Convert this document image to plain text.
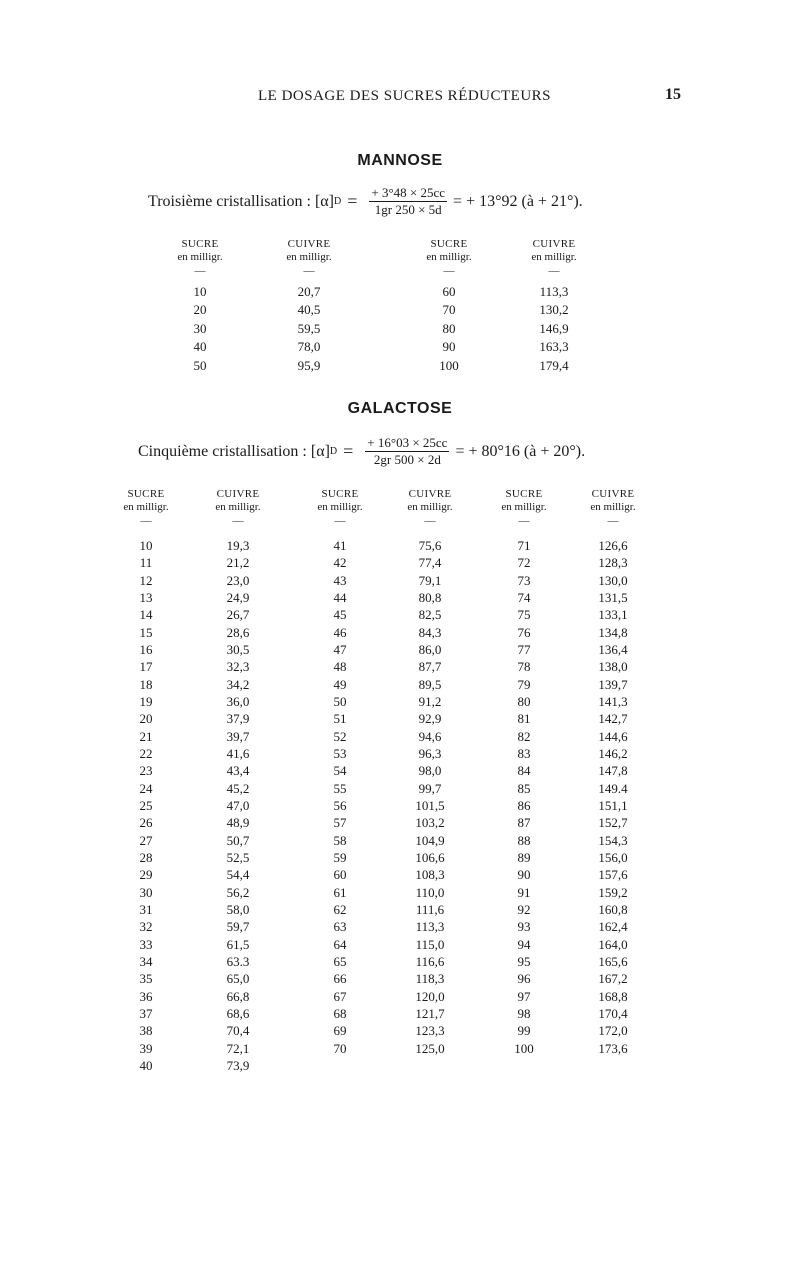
LE DOSAGE DES SUCRES RÉDUCTEURS	15
MANNOSE
Troisième cristallisation : [α] $D = \frac{+ 3^\circ 48 \times 25cc}{1gr 250 \times 5d}$ = + 13°92 (à + 21°).
SUCRE
en milligr.
—
CUIVRE
en milligr.
—
SUCRE
en milligr.
—
CUIVRE
en milligr.
—
10
20
30
40
50
20,7
40,5
59,5
78,0
95,9
60
70
80
90
100
113,3
130,2
146,9
163,3
179,4
GALACTOSE
Cinquième cristallisation : [α] $D = \frac{+ 16^\circ 03 \times 25cc}{2gr 500 \times 2d}$ = + 80°16 (à + 20°).
SUCRE
en milligr.
—
CUIVRE
en milligr.
—
SUCRE
en milligr.
—
CUIVRE
en milligr.
—
SUCRE
en milligr.
—
CUIVRE
en milligr.
—
10
11
12
13
14
15
16
17
18
19
20
21
22
23
24
25
26
27
28
29
30
31
32
33
34
35
36
37
38
39
40
19,3
21,2
23,0
24,9
26,7
28,6
30,5
32,3
34,2
36,0
37,9
39,7
41,6
43,4
45,2
47,0
48,9
50,7
52,5
54,4
56,2
58,0
59,7
61,5
63.3
65,0
66,8
68,6
70,4
72,1
73,9
41
42
43
44
45
46
47
48
49
50
51
52
53
54
55
56
57
58
59
60
61
62
63
64
65
66
67
68
69
70
75,6
77,4
79,1
80,8
82,5
84,3
86,0
87,7
89,5
91,2
92,9
94,6
96,3
98,0
99,7
101,5
103,2
104,9
106,6
108,3
110,0
111,6
113,3
115,0
116,6
118,3
120,0
121,7
123,3
125,0
71
72
73
74
75
76
77
78
79
80
81
82
83
84
85
86
87
88
89
90
91
92
93
94
95
96
97
98
99
100
126,6
128,3
130,0
131,5
133,1
134,8
136,4
138,0
139,7
141,3
142,7
144,6
146,2
147,8
149.4
151,1
152,7
154,3
156,0
157,6
159,2
160,8
162,4
164,0
165,6
167,2
168,8
170,4
172,0
173,6
